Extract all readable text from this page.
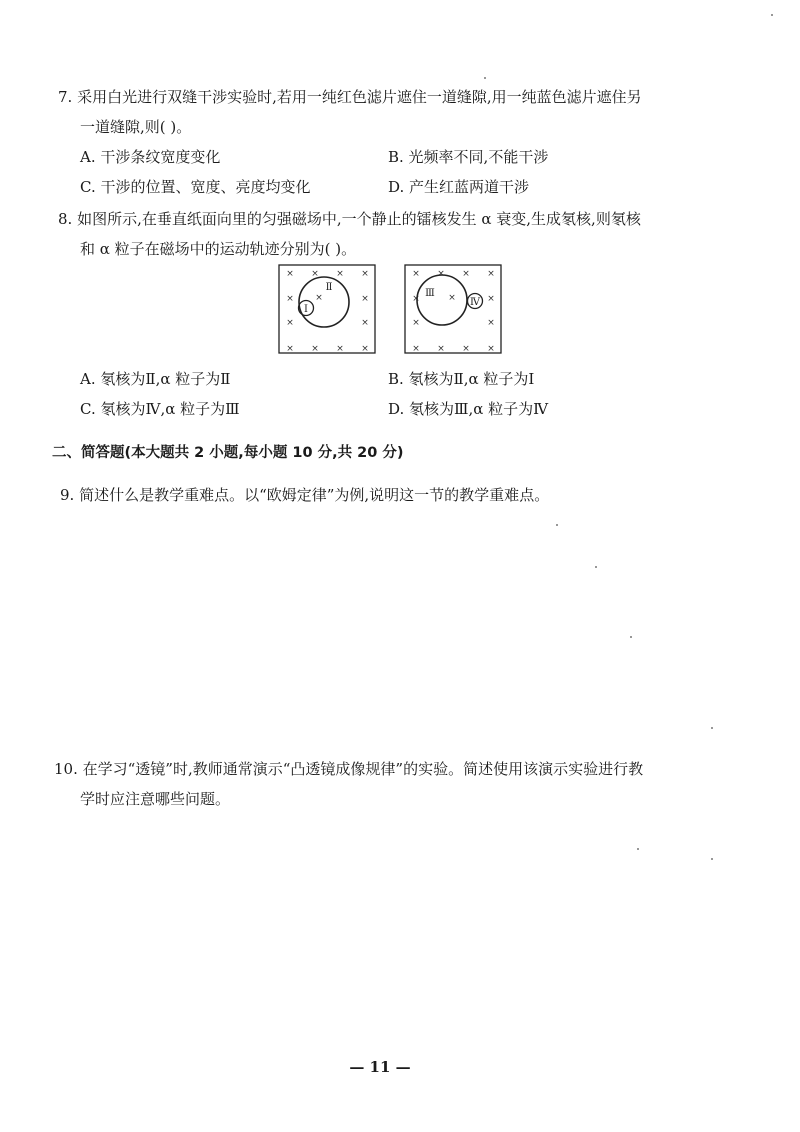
7. 采用白光进行双缝干涉实验时,若用一纯红色滤片遮住一道缝隙,用一纯蓝色滤片遮住另
一道缝隙,则( )。
A. 干涉条纹宽度变化	B. 光频率不同,不能干涉
C. 干涉的位置、宽度、亮度均变化	D. 产生红蓝两道干涉
8. 如图所示,在垂直纸面向里的匀强磁场中,一个静止的镭核发生 α 衰变,生成氡核,则氡核
和 α 粒子在磁场中的运动轨迹分别为( )。
× × × ×
×	×
×
×	×
× × × ×
Ⅰ
Ⅱ
× × × ×
×	×
×
×	×
× × × ×
Ⅲ
Ⅳ
A. 氡核为Ⅱ,α 粒子为Ⅱ	B. 氡核为Ⅱ,α 粒子为Ⅰ
C. 氡核为Ⅳ,α 粒子为Ⅲ	D. 氡核为Ⅲ,α 粒子为Ⅳ
二、简答题(本大题共 2 小题,每小题 10 分,共 20 分)
9. 简述什么是教学重难点。以“欧姆定律”为例,说明这一节的教学重难点。
10. 在学习“透镜”时,教师通常演示“凸透镜成像规律”的实验。简述使用该演示实验进行教
学时应注意哪些问题。
— 11 —
